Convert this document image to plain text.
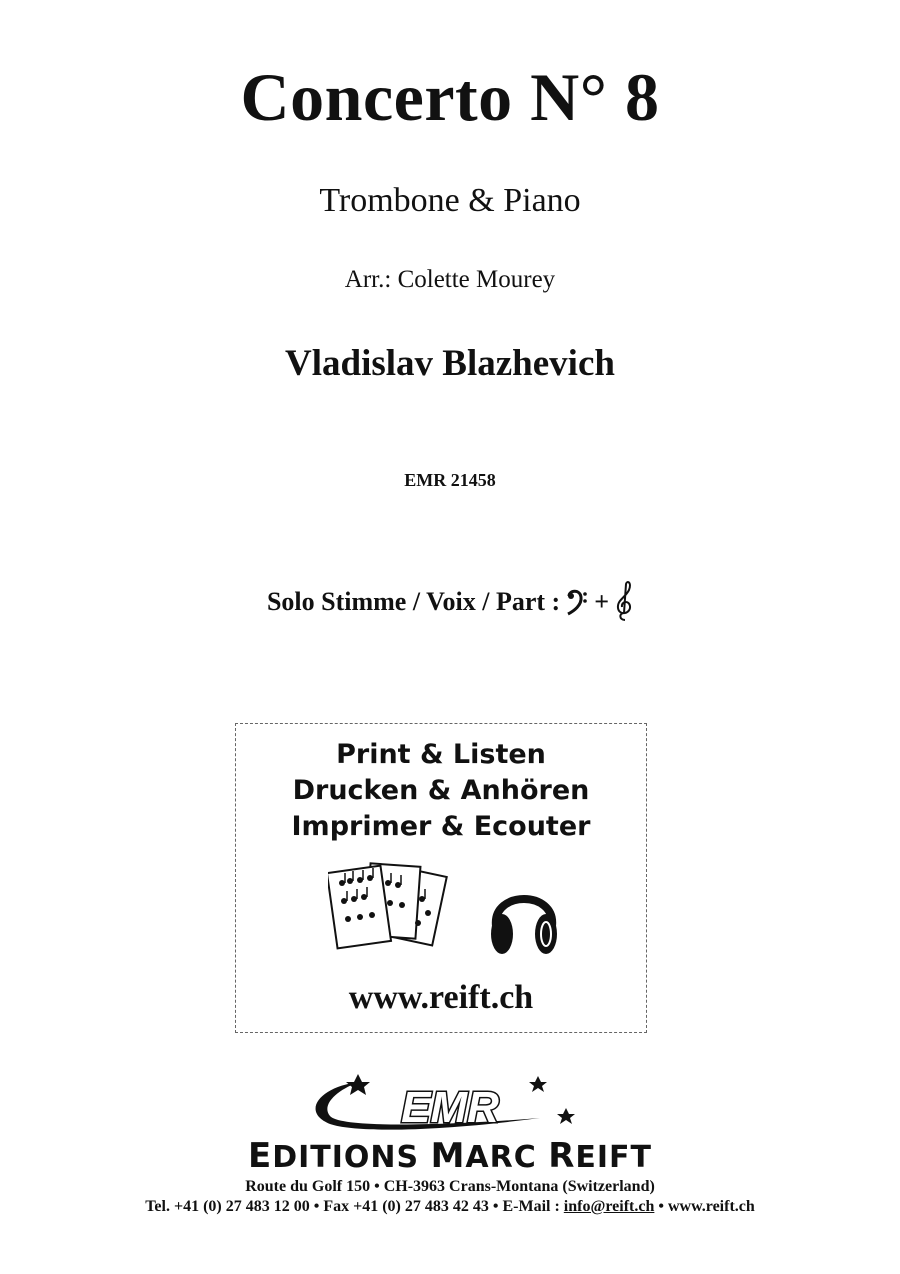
Concerto N° 8
Trombone & Piano
Arr.: Colette Mourey
Vladislav Blazhevich
EMR 21458
Solo Stimme / Voix / Part : +
Print & Listen
Drucken & Anhören
Imprimer & Ecouter
www.reift.ch
EMR
EDITIONS MARC REIFT
Route du Golf 150 • CH-3963 Crans-Montana (Switzerland)
Tel. +41 (0) 27 483 12 00 • Fax +41 (0) 27 483 42 43 • E-Mail : info@reift.ch • www.reift.ch
